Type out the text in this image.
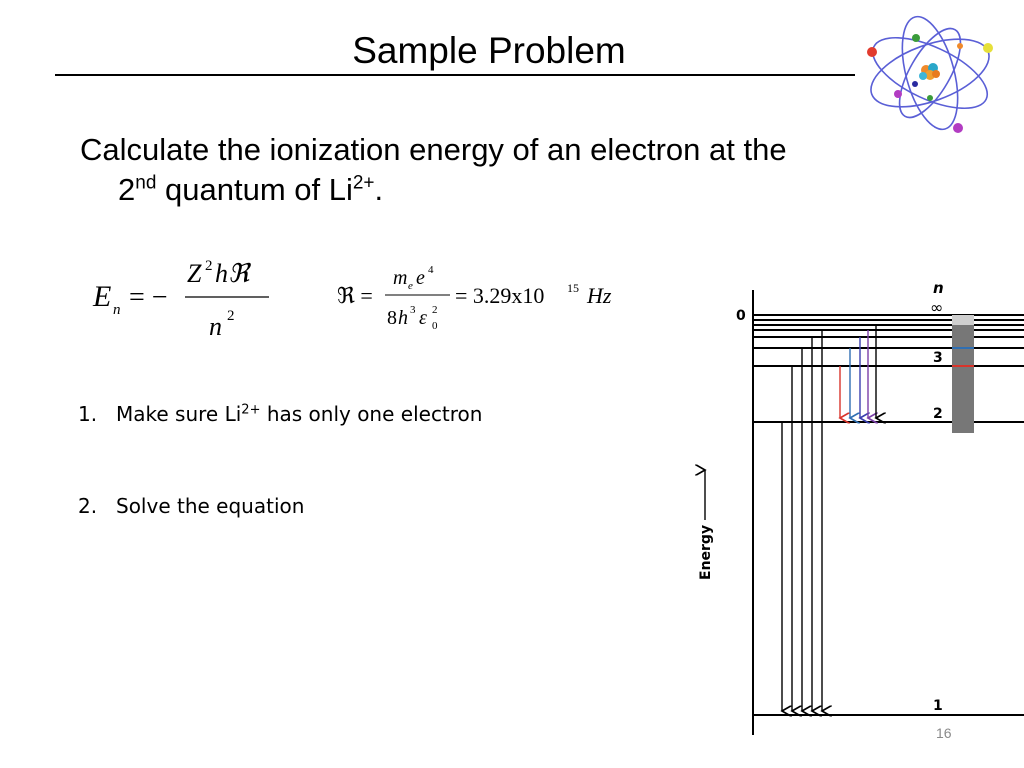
Sample Problem
Calculate the ionization energy of an electron at the
2nd quantum of $Li^{2+}$.
E n = −
Z 2 hℜ
n 2
ℜ =
m e e 4
8 h 3 ε 0
2
= 3.29x10 15 Hz
1. Make sure $Li^{2+}$ has only one electron
2. Solve the equation
n
∞
3
2
1
0
Energy
16
